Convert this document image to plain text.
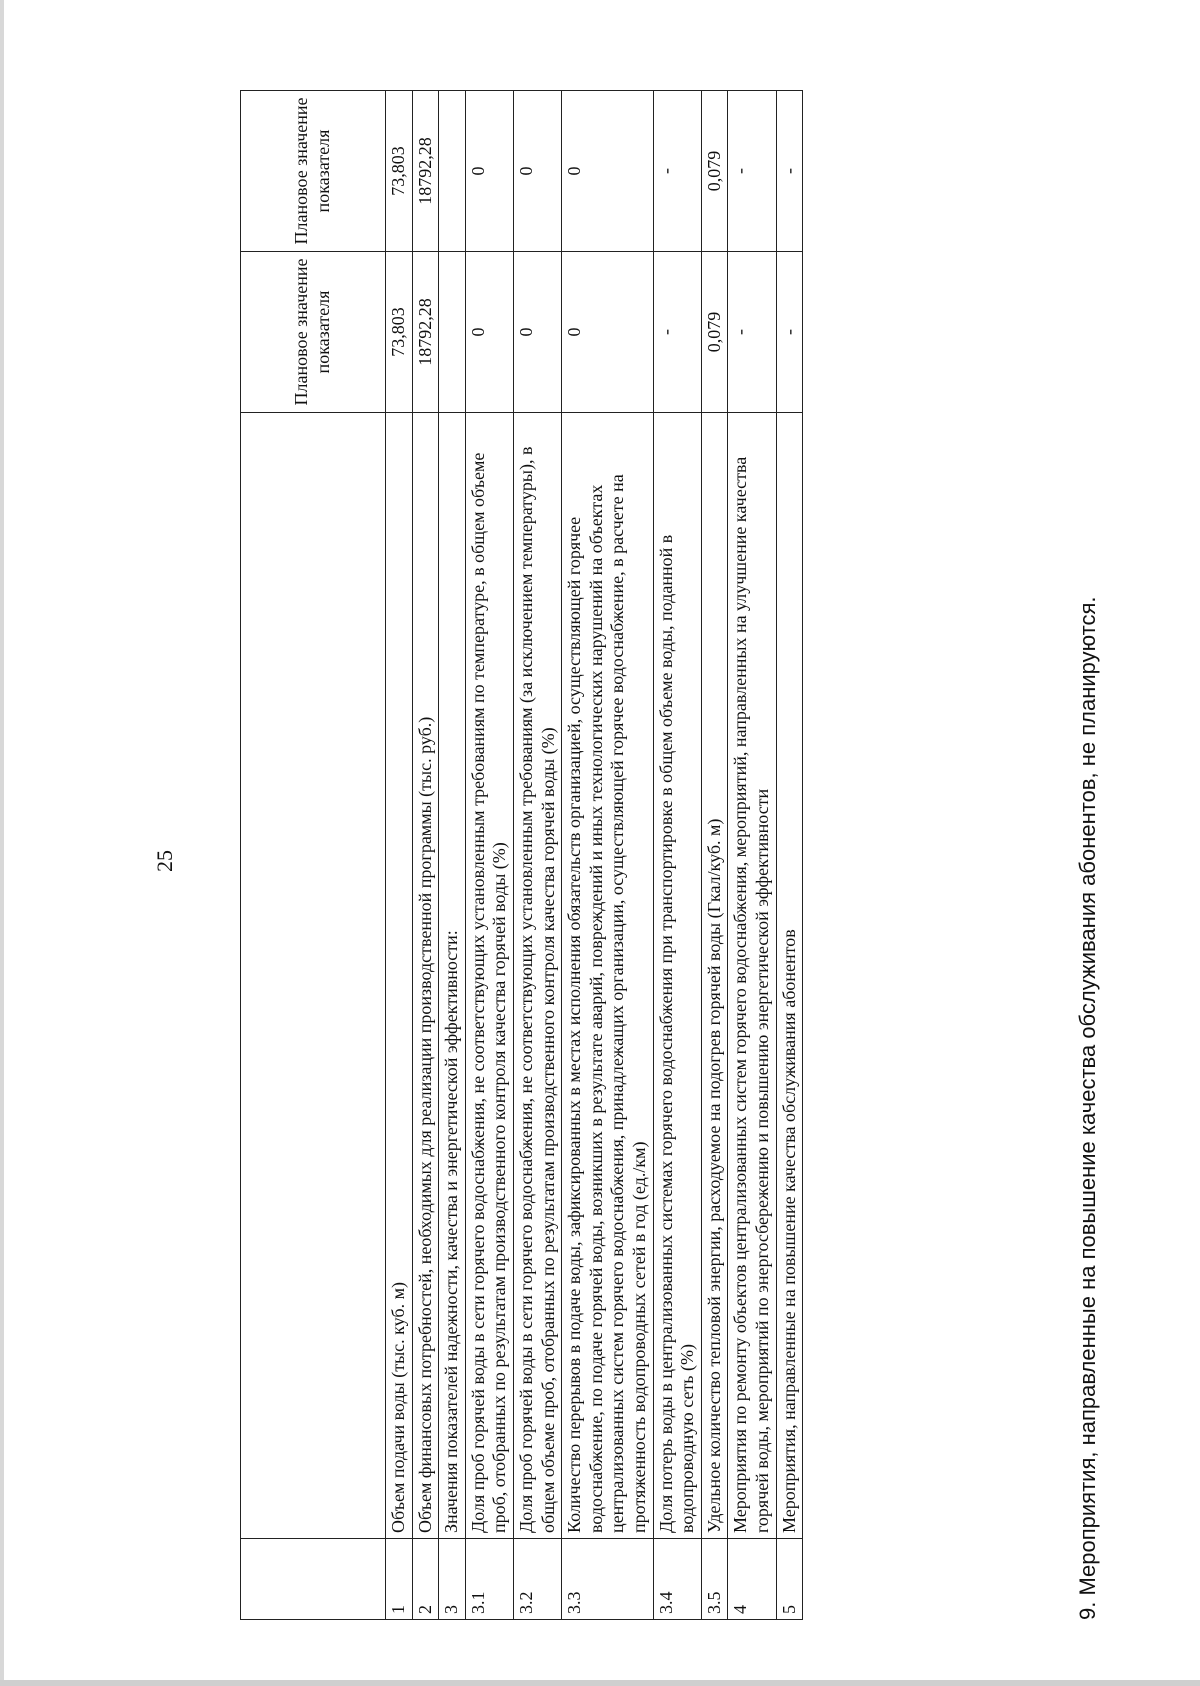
25
		Плановое значение показателя	Плановое значение показателя
1	Объем подачи воды (тыс. куб. м)	73,803	73,803
2	Объем финансовых потребностей, необходимых для реализации производственной программы (тыс. руб.)	18792,28	18792,28
3	Значения показателей надежности, качества и энергетической эффективности:		
3.1	Доля проб горячей воды в сети горячего водоснабжения, не соответствующих установленным требованиям по температуре, в общем объеме проб, отобранных по результатам производственного контроля качества горячей воды (%)	0	0
3.2	Доля проб горячей воды в сети горячего водоснабжения, не соответствующих установленным требованиям (за исключением температуры), в общем объеме проб, отобранных по результатам производственного контроля качества горячей воды (%)	0	0
3.3	Количество перерывов в подаче воды, зафиксированных в местах исполнения обязательств организацией, осуществляющей горячее водоснабжение, по подаче горячей воды, возникших в результате аварий, повреждений и иных технологических нарушений на объектах централизованных систем горячего водоснабжения, принадлежащих организации, осуществляющей горячее водоснабжение, в расчете на протяженность водопроводных сетей в год (ед./км)	0	0
3.4	Доля потерь воды в централизованных системах горячего водоснабжения при транспортировке в общем объеме воды, поданной в водопроводную сеть (%)	-	-
3.5	Удельное количество тепловой энергии, расходуемое на подогрев горячей воды (Гкал/куб. м)	0,079	0,079
4	Мероприятия по ремонту объектов централизованных систем горячего водоснабжения, мероприятий, направленных на улучшение качества горячей воды, мероприятий по энергосбережению и повышению энергетической эффективности	-	-
5	Мероприятия, направленные на повышение качества обслуживания абонентов	-	-
9. Мероприятия, направленные на повышение качества обслуживания абонентов, не планируются.
